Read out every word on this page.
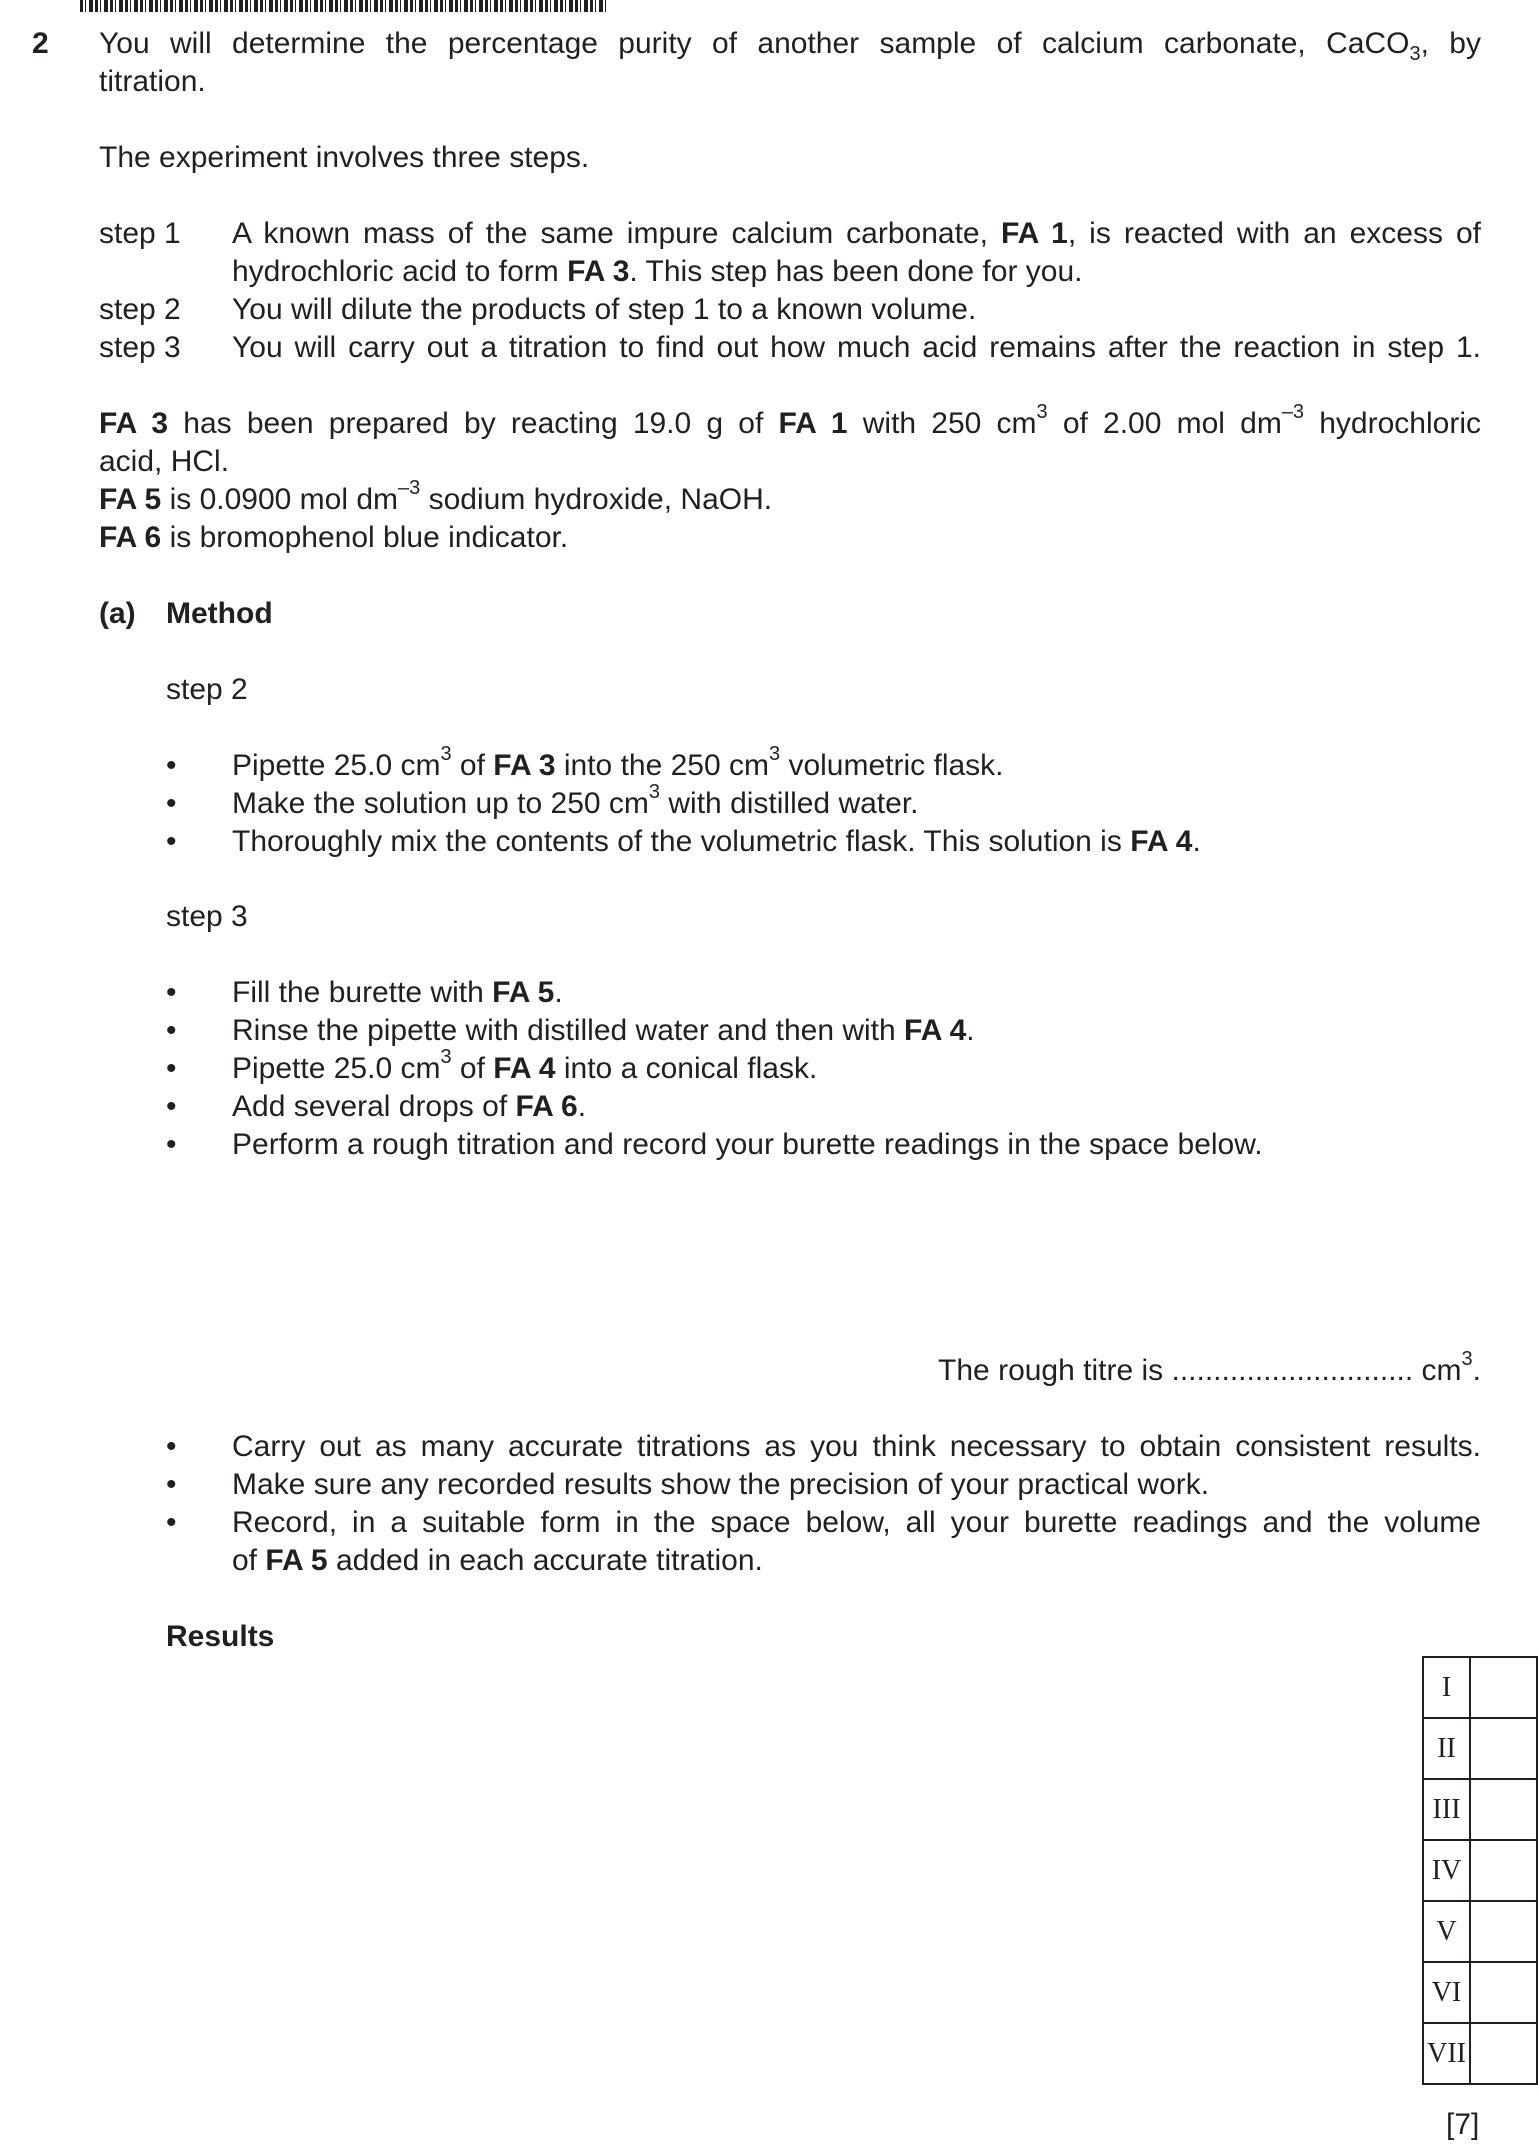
2 You will determine the percentage purity of another sample of calcium carbonate, CaCO$_3$, by
titration.
The experiment involves three steps.
step 1 A known mass of the same impure calcium carbonate, FA 1, is reacted with an excess of
hydrochloric acid to form FA 3. This step has been done for you.
step 2 You will dilute the products of step 1 to a known volume.
step 3 You will carry out a titration to find out how much acid remains after the reaction in step 1.
FA 3 has been prepared by reacting 19.0 g of FA 1 with 250 $cm^3$ of 2.00 mol $dm^{-3}$ hydrochloric
acid, HCl.
FA 5 is 0.0900 mol $dm^{-3}$ sodium hydroxide, NaOH.
FA 6 is bromophenol blue indicator.
(a) Method
step 2
• Pipette 25.0 $cm^3$ of FA 3 into the 250 $cm^3$ volumetric flask.
• Make the solution up to 250 $cm^3$ with distilled water.
• Thoroughly mix the contents of the volumetric flask. This solution is FA 4.
step 3
• Fill the burette with FA 5.
• Rinse the pipette with distilled water and then with FA 4.
• Pipette 25.0 $cm^3$ of FA 4 into a conical flask.
• Add several drops of FA 6.
• Perform a rough titration and record your burette readings in the space below.
The rough titre is ............................. $cm^3$.
• Carry out as many accurate titrations as you think necessary to obtain consistent results.
• Make sure any recorded results show the precision of your practical work.
• Record, in a suitable form in the space below, all your burette readings and the volume
of FA 5 added in each accurate titration.
Results
I	
II	
III	
IV	
V	
VI	
VII	
[7]
